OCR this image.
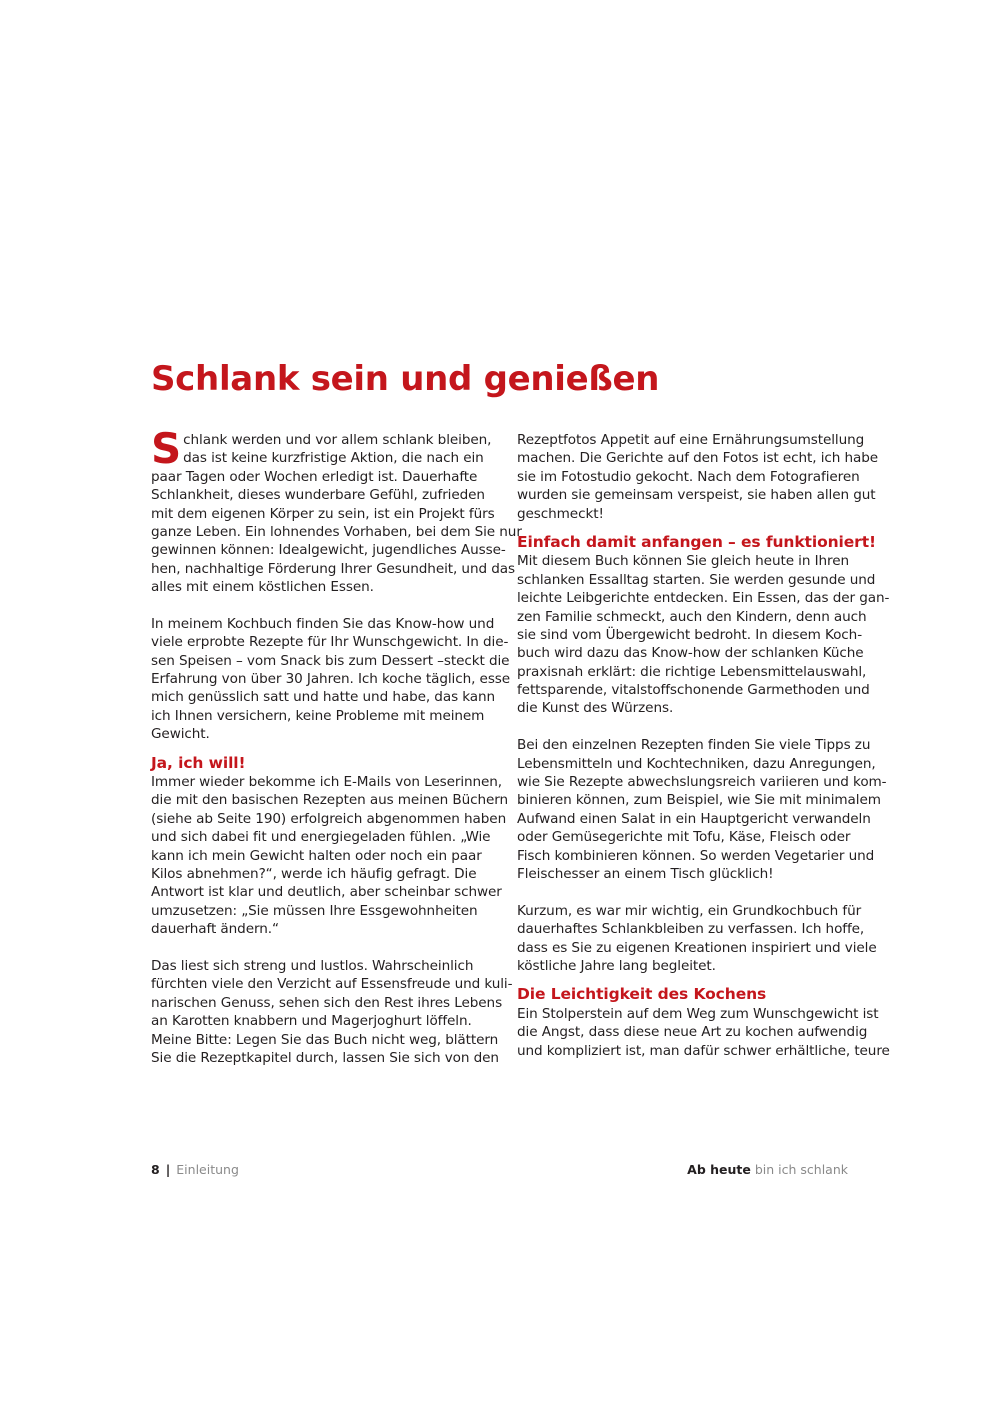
Schlank sein und genießen
S chlank werden und vor allem schlank bleiben,
das ist keine kurzfristige Aktion, die nach ein
paar Tagen oder Wochen erledigt ist. Dauerhafte
Schlankheit, dieses wunderbare Gefühl, zufrieden
mit dem eigenen Körper zu sein, ist ein Projekt fürs
ganze Leben. Ein lohnendes Vorhaben, bei dem Sie nur
gewinnen können: Idealgewicht, jugendliches Ausse-
hen, nachhaltige Förderung Ihrer Gesundheit, und das
alles mit einem köstlichen Essen.
In meinem Kochbuch finden Sie das Know-how und
viele erprobte Rezepte für Ihr Wunschgewicht. In die-
sen Speisen – vom Snack bis zum Dessert –steckt die
Erfahrung von über 30 Jahren. Ich koche täglich, esse
mich genüsslich satt und hatte und habe, das kann
ich Ihnen versichern, keine Probleme mit meinem
Gewicht.
Ja, ich will!
Immer wieder bekomme ich E-Mails von Leserinnen,
die mit den basischen Rezepten aus meinen Büchern
(siehe ab Seite 190) erfolgreich abgenommen haben
und sich dabei fit und energiegeladen fühlen. „Wie
kann ich mein Gewicht halten oder noch ein paar
Kilos abnehmen?“, werde ich häufig gefragt. Die
Antwort ist klar und deutlich, aber scheinbar schwer
umzusetzen: „Sie müssen Ihre Essgewohnheiten
dauerhaft ändern.“
Das liest sich streng und lustlos. Wahrscheinlich
fürchten viele den Verzicht auf Essensfreude und kuli-
narischen Genuss, sehen sich den Rest ihres Lebens
an Karotten knabbern und Magerjoghurt löffeln.
Meine Bitte: Legen Sie das Buch nicht weg, blättern
Sie die Rezeptkapitel durch, lassen Sie sich von den
Rezeptfotos Appetit auf eine Ernährungsumstellung
machen. Die Gerichte auf den Fotos ist echt, ich habe
sie im Fotostudio gekocht. Nach dem Fotografieren
wurden sie gemeinsam verspeist, sie haben allen gut
geschmeckt!
Einfach damit anfangen – es funktioniert!
Mit diesem Buch können Sie gleich heute in Ihren
schlanken Essalltag starten. Sie werden gesunde und
leichte Leibgerichte entdecken. Ein Essen, das der gan-
zen Familie schmeckt, auch den Kindern, denn auch
sie sind vom Übergewicht bedroht. In diesem Koch-
buch wird dazu das Know-how der schlanken Küche
praxisnah erklärt: die richtige Lebensmittelauswahl,
fettsparende, vitalstoffschonende Garmethoden und
die Kunst des Würzens.
Bei den einzelnen Rezepten finden Sie viele Tipps zu
Lebensmitteln und Kochtechniken, dazu Anregungen,
wie Sie Rezepte abwechslungsreich variieren und kom-
binieren können, zum Beispiel, wie Sie mit minimalem
Aufwand einen Salat in ein Hauptgericht verwandeln
oder Gemüsegerichte mit Tofu, Käse, Fleisch oder
Fisch kombinieren können. So werden Vegetarier und
Fleischesser an einem Tisch glücklich!
Kurzum, es war mir wichtig, ein Grundkochbuch für
dauerhaftes Schlankbleiben zu verfassen. Ich hoffe,
dass es Sie zu eigenen Kreationen inspiriert und viele
köstliche Jahre lang begleitet.
Die Leichtigkeit des Kochens
Ein Stolperstein auf dem Weg zum Wunschgewicht ist
die Angst, dass diese neue Art zu kochen aufwendig
und kompliziert ist, man dafür schwer erhältliche, teure
8 | Einleitung	Ab heute bin ich schlank
